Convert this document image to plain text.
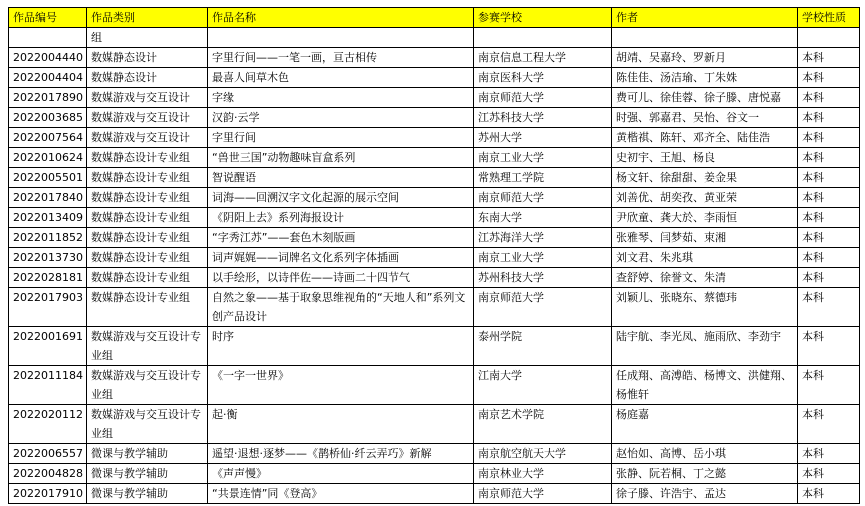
作品编号	作品类别	作品名称	参赛学校	作者	学校性质
	组				
2022004440	数媒静态设计	字里行间——一笔一画，亘古相传	南京信息工程大学	胡靖、吴嘉玲、罗新月	本科
2022004404	数媒静态设计	最喜人间草木色	南京医科大学	陈佳佳、汤洁瑜、丁朱姝	本科
2022017890	数媒游戏与交互设计	字缘	南京师范大学	费可儿、徐佳蓉、徐子滕、唐悦嘉	本科
2022003685	数媒游戏与交互设计	汉韵·云学	江苏科技大学	时强、郭嘉君、吴怡、谷文一	本科
2022007564	数媒游戏与交互设计	字里行间	苏州大学	黄楷祺、陈轩、邓齐全、陆佳浩	本科
2022010624	数媒静态设计专业组	“兽世三国”动物趣味盲盒系列	南京工业大学	史初宇、王旭、杨良	本科
2022005501	数媒静态设计专业组	智说醒语	常熟理工学院	杨文轩、徐甜甜、姜金果	本科
2022017840	数媒静态设计专业组	词海——回溯汉字文化起源的展示空间	南京师范大学	刘善优、胡奕孜、黄亚荣	本科
2022013409	数媒静态设计专业组	《阴阳上去》系列海报设计	东南大学	尹欣童、龚大於、李雨恒	本科
2022011852	数媒静态设计专业组	“字秀江苏”——套色木刻版画	江苏海洋大学	张雅琴、闫梦茹、束湘	本科
2022013730	数媒静态设计专业组	词声娓娓——词牌名文化系列字体插画	南京工业大学	刘文君、朱兆琪	本科
2022028181	数媒静态设计专业组	以手绘形，以诗伴佐——诗画二十四节气	苏州科技大学	查舒婷、徐誉文、朱清	本科
2022017903	数媒静态设计专业组	自然之象——基于取象思维视角的“天地人和”系列文创产品设计	南京师范大学	刘颖儿、张晓东、蔡德玮	本科
2022001691	数媒游戏与交互设计专业组	时序	泰州学院	陆宇航、李光凤、施雨欣、李劲宇	本科
2022011184	数媒游戏与交互设计专业组	《一字一世界》	江南大学	任成翔、高溥皓、杨博文、洪健翔、杨惟轩	本科
2022020112	数媒游戏与交互设计专业组	起·衡	南京艺术学院	杨庭嘉	本科
2022006557	微课与教学辅助	遥望·退想·逐梦——《鹊桥仙·纤云弄巧》新解	南京航空航天大学	赵怡如、高博、岳小琪	本科
2022004828	微课与教学辅助	《声声慢》	南京林业大学	张静、阮若桐、丁之懿	本科
2022017910	微课与教学辅助	“共景连情”同《登高》	南京师范大学	徐子滕、许浩宇、孟达	本科
